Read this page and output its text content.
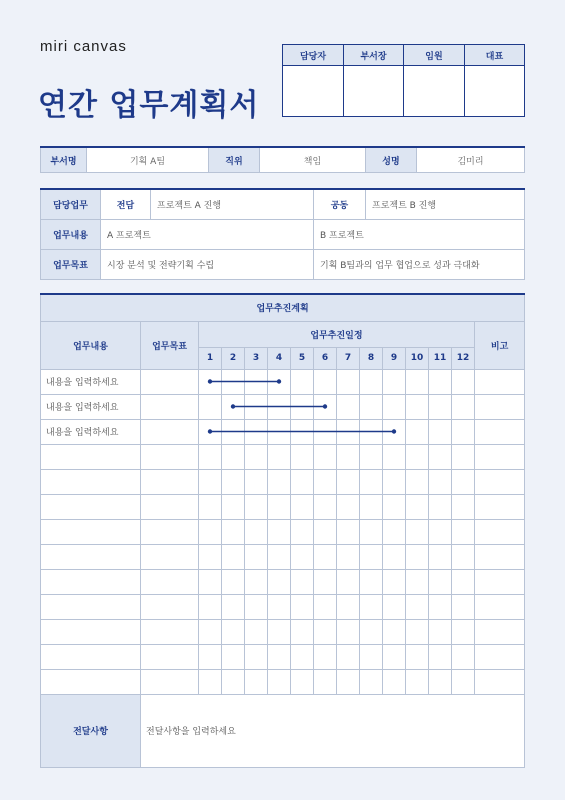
miri canvas
연간 업무계획서
담당자	부서장	임원	대표

부서명	기획 A팀	직위	책임	성명	김미리
담당업무	전담	프로젝트 A 진행	공동	프로젝트 B 진행
업무내용	A 프로젝트		B 프로젝트	
업무목표	시장 분석 및 전략기획 수립		기획 B팀과의 업무 협업으로 성과 극대화	
업무추진계획														
업무내용	업무목표	업무추진일정												비고
		1	2	3	4	5	6	7	8	9	10	11	12	
내용을 입력하세요														
내용을 입력하세요														
내용을 입력하세요														

전달사항	전달사항을 입력하세요													
